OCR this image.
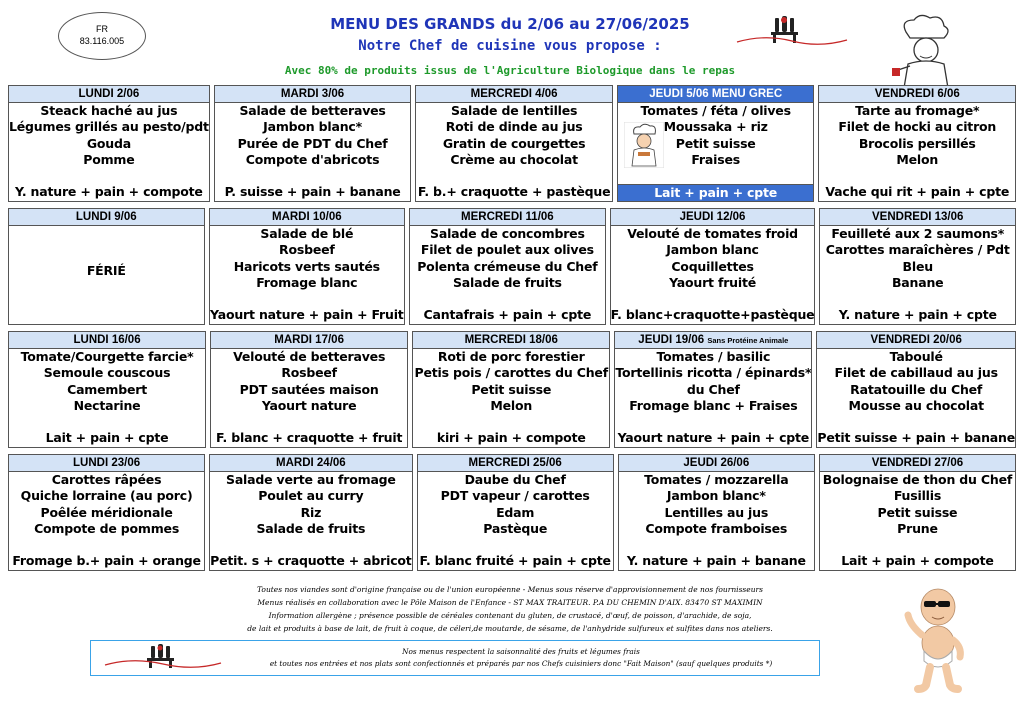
FR
83.116.005
MENU DES GRANDS du 2/06 au 27/06/2025
Notre Chef de cuisine vous propose :
Avec 80% de produits issus de l'Agriculture Biologique dans le repas
LUNDI 2/06
Steack haché au jus
Légumes grillés au pesto/pdt
Gouda
Pomme
Y. nature + pain + compote
MARDI 3/06
Salade de betteraves
Jambon blanc*
Purée de PDT du Chef
Compote d'abricots
P. suisse + pain + banane
MERCREDI 4/06
Salade de lentilles
Roti de dinde au jus
Gratin de courgettes
Crème au chocolat
F. b.+ craquotte + pastèque
JEUDI 5/06 MENU GREC
Tomates / féta / olives
Moussaka + riz
Petit suisse
Fraises
Lait + pain + cpte
VENDREDI 6/06
Tarte au fromage*
Filet de hocki au citron
Brocolis persillés
Melon
Vache qui rit + pain + cpte
LUNDI 9/06
FÉRIÉ
MARDI 10/06
Salade de blé
Rosbeef
Haricots verts sautés
Fromage blanc
Yaourt nature + pain + Fruit
MERCREDI 11/06
Salade de concombres
Filet de poulet aux olives
Polenta crémeuse du Chef
Salade de fruits
Cantafrais + pain + cpte
JEUDI 12/06
Velouté de tomates froid
Jambon blanc
Coquillettes
Yaourt fruité
F. blanc+craquotte+pastèque
VENDREDI 13/06
Feuilleté aux 2 saumons*
Carottes maraîchères / Pdt
Bleu
Banane
Y. nature + pain + cpte
LUNDI 16/06
Tomate/Courgette farcie*
Semoule couscous
Camembert
Nectarine
Lait + pain + cpte
MARDI 17/06
Velouté de betteraves
Rosbeef
PDT sautées maison
Yaourt nature
F. blanc + craquotte + fruit
MERCREDI 18/06
Roti de porc forestier
Petis pois / carottes du Chef
Petit suisse
Melon
kiri + pain + compote
JEUDI 19/06 Sans Protéine Animale
Tomates / basilic
Tortellinis ricotta / épinards*
du Chef
Fromage blanc + Fraises
Yaourt nature + pain + cpte
VENDREDI 20/06
Taboulé
Filet de cabillaud au jus
Ratatouille du Chef
Mousse au chocolat
Petit suisse + pain + banane
LUNDI 23/06
Carottes râpées
Quiche lorraine (au porc)
Poêlée méridionale
Compote de pommes
Fromage b.+ pain + orange
MARDI 24/06
Salade verte au fromage
Poulet au curry
Riz
Salade de fruits
Petit. s + craquotte + abricot
MERCREDI 25/06
Daube du Chef
PDT vapeur / carottes
Edam
Pastèque
F. blanc fruité + pain + cpte
JEUDI 26/06
Tomates / mozzarella
Jambon blanc*
Lentilles au jus
Compote framboises
Y. nature + pain + banane
VENDREDI 27/06
Bolognaise de thon du Chef
Fusillis
Petit suisse
Prune
Lait + pain + compote

Toutes nos viandes sont d'origine française ou de l'union européenne - Menus sous réserve d'approvisionnement de nos fournisseurs

Menus réalisés en collaboration avec le Pôle Maison de l'Enfance - ST MAX TRAITEUR. P.A DU CHEMIN D'AIX. 83470 ST MAXIMIN

Information allergène ; présence possible de céréales contenant du gluten, de crustacé, d'œuf, de poisson, d'arachide, de soja,

de lait et produits à base de lait, de fruit à coque, de céleri,de moutarde, de sésame, de l'anhydride sulfureux et sulfites dans nos ateliers.

Nos menus respectent la saisonnalité des fruits et légumes frais
et toutes nos entrées et nos plats sont confectionnés et préparés par nos Chefs cuisiniers donc "Fait Maison" (sauf quelques produits *)
